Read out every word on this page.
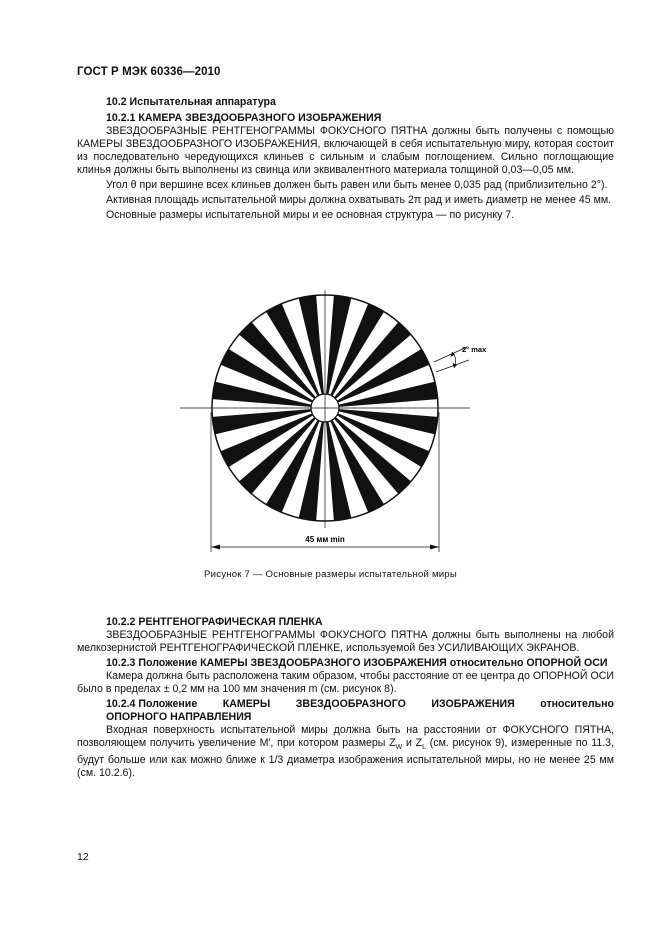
ГОСТ Р МЭК 60336—2010
10.2 Испытательная аппаратура
10.2.1 КАМЕРА ЗВЕЗДООБРАЗНОГО ИЗОБРАЖЕНИЯ

ЗВЕЗДООБРАЗНЫЕ РЕНТГЕНОГРАММЫ ФОКУСНОГО ПЯТНА должны быть получены с помощью КАМЕРЫ ЗВЕЗДООБРАЗНОГО ИЗОБРАЖЕНИЯ, включающей в себя испытательную миру, которая состоит из последовательно чередующихся клиньев с сильным и слабым поглощением. Сильно поглощающие клинья должны быть выполнены из свинца или эквивалентного материала толщиной 0,03—0,05 мм.

Угол θ при вершине всех клиньев должен быть равен или быть менее 0,035 рад (приблизительно 2°).

Активная площадь испытательной миры должна охватывать 2π рад и иметь диаметр не менее 45 мм.

Основные размеры испытательной миры и ее основная структура — по рисунку 7.

45 мм min
2° max
Рисунок 7 — Основные размеры испытательной миры
10.2.2 РЕНТГЕНОГРАФИЧЕСКАЯ ПЛЕНКА

ЗВЕЗДООБРАЗНЫЕ РЕНТГЕНОГРАММЫ ФОКУСНОГО ПЯТНА должны быть выполнены на любой мелкозернистой РЕНТГЕНОГРАФИЧЕСКОЙ ПЛЕНКЕ, используемой без УСИЛИВАЮЩИХ ЭКРАНОВ.

10.2.3 Положение КАМЕРЫ ЗВЕЗДООБРАЗНОГО ИЗОБРАЖЕНИЯ относительно ОПОРНОЙ ОСИ

Камера должна быть расположена таким образом, чтобы расстояние от ее центра до ОПОРНОЙ ОСИ было в пределах ± 0,2 мм на 100 мм значения m (см. рисунок 8).

10.2.4 Положение КАМЕРЫ ЗВЕЗДООБРАЗНОГО ИЗОБРАЖЕНИЯ относительно
ОПОРНОГО НАПРАВЛЕНИЯ

Входная поверхность испытательной миры должна быть на расстоянии от ФОКУСНОГО ПЯТНА, позволяющем получить увеличение M′, при котором размеры $Z_W$ и $Z_L$ (см. рисунок 9), измеренные по 11.3, будут больше или как можно ближе к 1/3 диаметра изображения испытательной миры, но не менее 25 мм (см. 10.2.6).

12
